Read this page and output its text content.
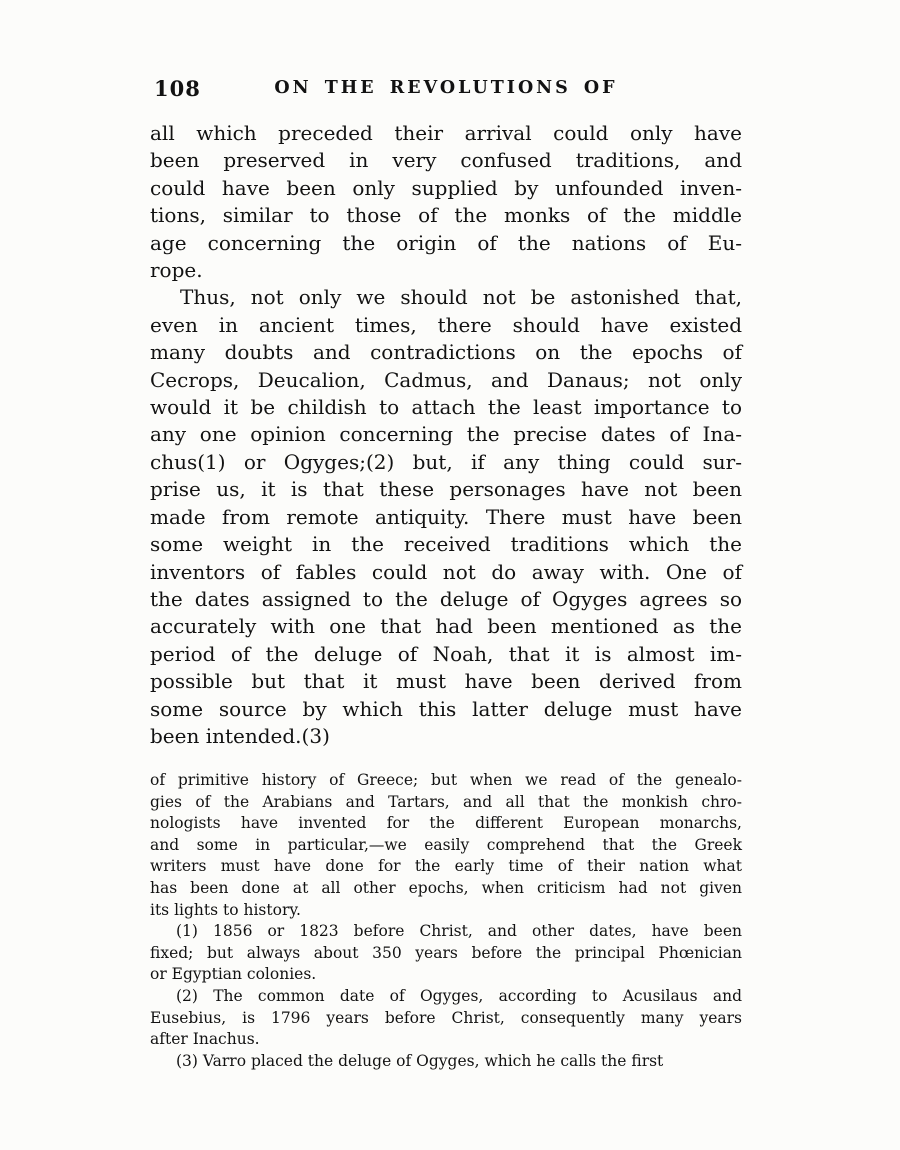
108	ON THE REVOLUTIONS OF
all which preceded their arrival could only have
been preserved in very confused traditions, and
could have been only supplied by unfounded inven-
tions, similar to those of the monks of the middle
age concerning the origin of the nations of Eu-
rope.
Thus, not only we should not be astonished that,
even in ancient times, there should have existed
many doubts and contradictions on the epochs of
Cecrops, Deucalion, Cadmus, and Danaus; not only
would it be childish to attach the least importance to
any one opinion concerning the precise dates of Ina-
chus(1) or Ogyges;(2) but, if any thing could sur-
prise us, it is that these personages have not been
made from remote antiquity. There must have been
some weight in the received traditions which the
inventors of fables could not do away with. One of
the dates assigned to the deluge of Ogyges agrees so
accurately with one that had been mentioned as the
period of the deluge of Noah, that it is almost im-
possible but that it must have been derived from
some source by which this latter deluge must have
been intended.(3)
of primitive history of Greece; but when we read of the genealo-
gies of the Arabians and Tartars, and all that the monkish chro-
nologists have invented for the different European monarchs,
and some in particular,—we easily comprehend that the Greek
writers must have done for the early time of their nation what
has been done at all other epochs, when criticism had not given
its lights to history.
(1) 1856 or 1823 before Christ, and other dates, have been
fixed; but always about 350 years before the principal Phœnician
or Egyptian colonies.
(2) The common date of Ogyges, according to Acusilaus and
Eusebius, is 1796 years before Christ, consequently many years
after Inachus.
(3) Varro placed the deluge of Ogyges, which he calls the first
